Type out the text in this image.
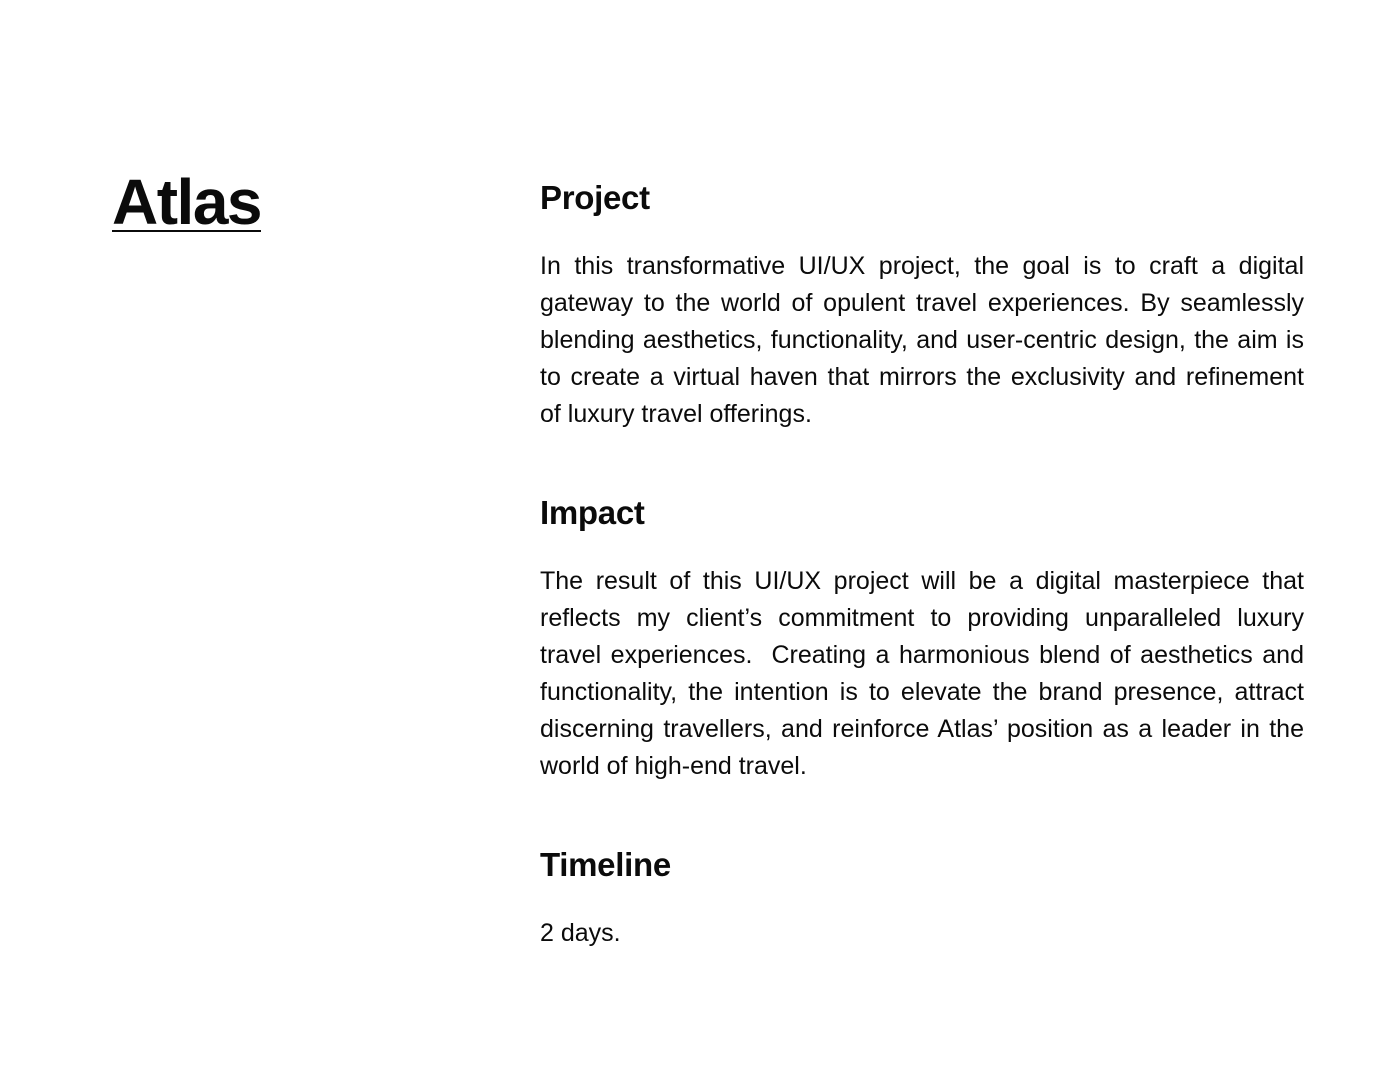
Atlas	Project

In this transformative UI/UX project, the goal is to craft a digital gateway to the world of opulent travel experiences. By seamlessly blending aesthetics, functionality, and user-centric design, the aim is to create a virtual haven that mirrors the exclusivity and refinement of luxury travel offerings.

Impact

The result of this UI/UX project will be a digital masterpiece that reflects my client’s commitment to providing unparalleled luxury travel experiences.  Creating a harmonious blend of aesthetics and functionality, the intention is to elevate the brand presence, attract discerning travellers, and reinforce Atlas’ position as a leader in the world of high-end travel.

Timeline

2 days.
